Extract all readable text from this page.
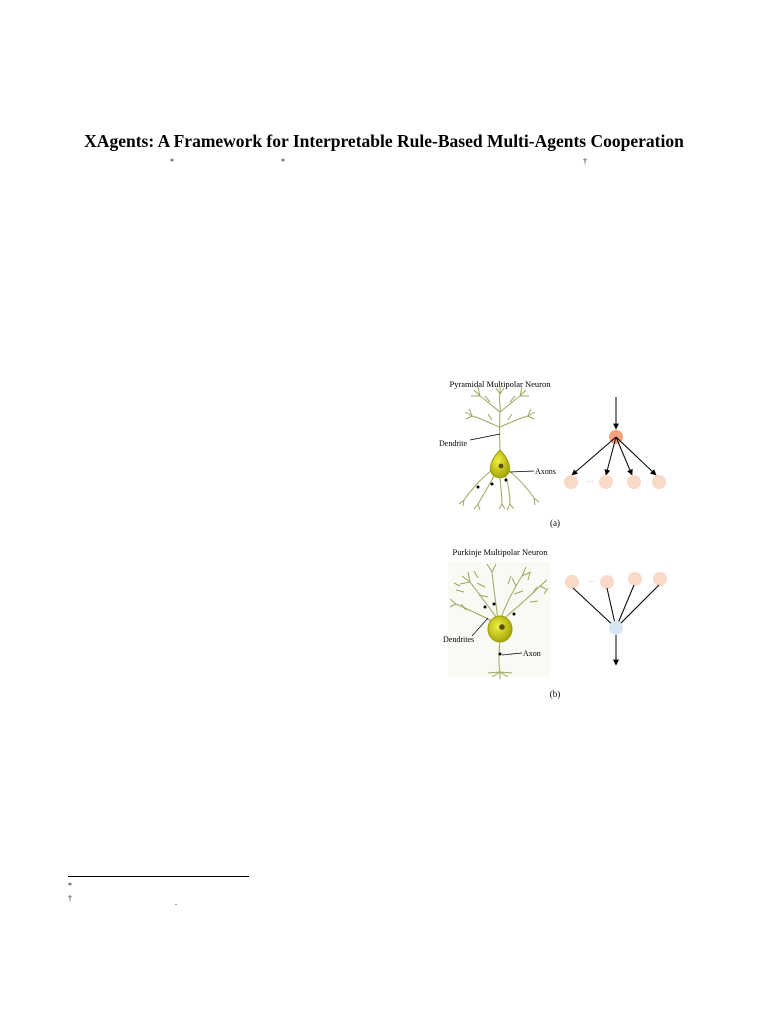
XAgents: A Framework for Interpretable Rule-Based Multi-Agents Cooperation
*	*	†
Pyramidal Multipolar Neuron
Dendrite
Axons
···
(a)
Purkinje Multipolar Neuron
Dendrites
Axon
···
(b)
*
†	.
